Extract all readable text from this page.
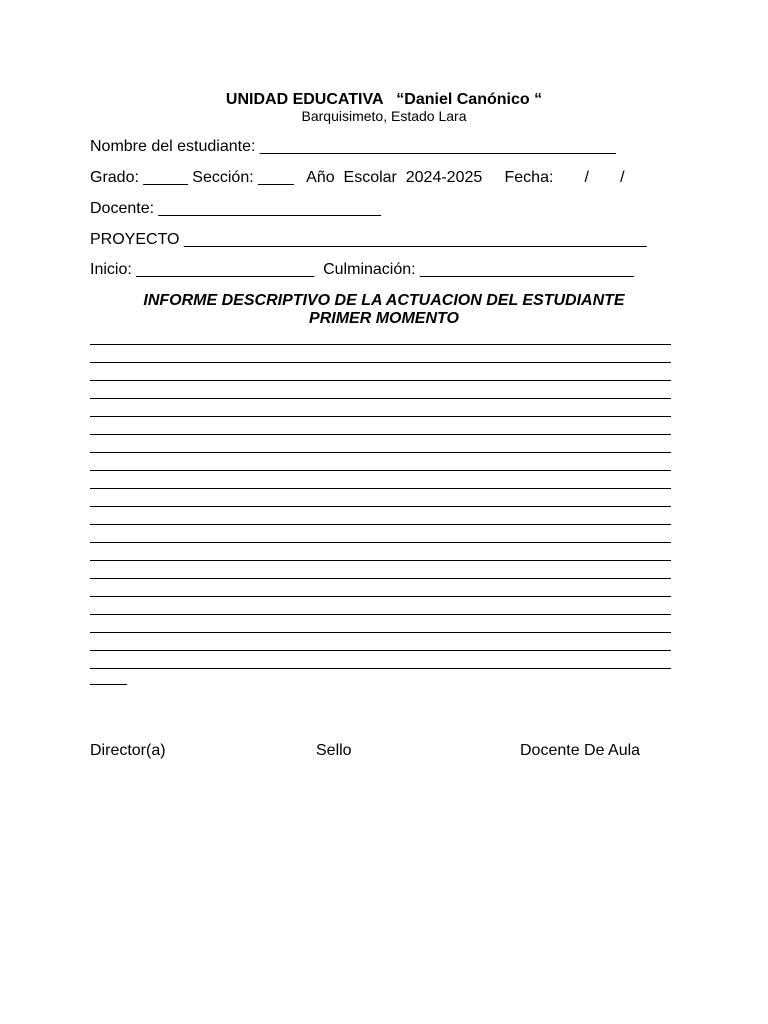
UNIDAD EDUCATIVA   “Daniel Canónico “
Barquisimeto, Estado Lara
Nombre del estudiante: ________________________________________
Grado: _____ Sección: ____   Año  Escolar  2024-2025     Fecha:       /       /
Docente: _________________________
PROYECTO ____________________________________________________
Inicio: ____________________  Culminación: ________________________
INFORME DESCRIPTIVO DE LA ACTUACION DEL ESTUDIANTE
PRIMER MOMENTO
Director(a)	Sello	Docente De Aula
